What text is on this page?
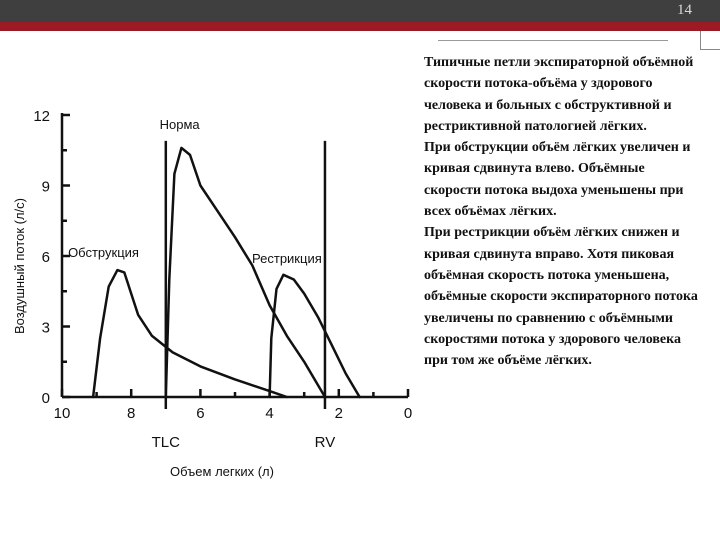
14
0
3
6
9
12
10	8	6	4	2	0
TLC	RV
Норма
Обструкция	Рестрикция
Объем легких (л)
Воздушный поток (л/с)

Типичные петли экспираторной объёмной скорости потока-объёма у здорового человека и больных с обструктивной и рестриктивной патологией лёгких.

При обструкции объём лёгких увеличен и кривая сдвинута влево. Объёмные скорости потока выдоха уменьшены при всех объёмах лёгких.

При рестрикции объём лёгких снижен и кривая сдвинута вправо. Хотя пиковая объёмная скорость потока уменьшена, объёмные скорости экспираторного потока увеличены по сравнению с объёмными скоростями потока у здорового человека при том же объёме лёгких.
